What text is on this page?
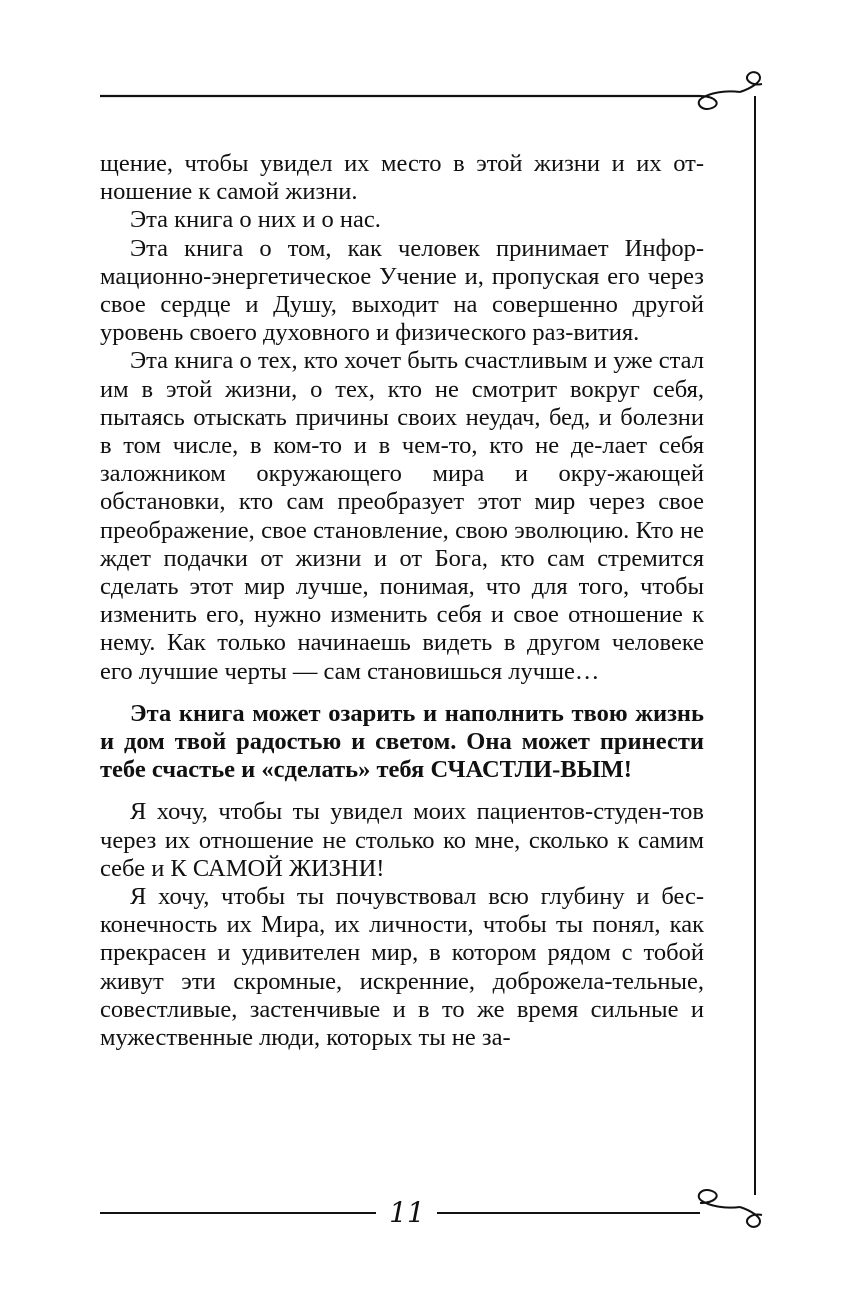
щение, чтобы увидел их место в этой жизни и их от-ношение к самой жизни.

Эта книга о них и о нас.

Эта книга о том, как человек принимает Инфор-мационно-энергетическое Учение и, пропуская его через свое сердце и Душу, выходит на совершенно другой уровень своего духовного и физического раз-вития.

Эта книга о тех, кто хочет быть счастливым и уже стал им в этой жизни, о тех, кто не смотрит вокруг себя, пытаясь отыскать причины своих неудач, бед, и болезни в том числе, в ком-то и в чем-то, кто не де-лает себя заложником окружающего мира и окру-жающей обстановки, кто сам преобразует этот мир через свое преображение, свое становление, свою эволюцию. Кто не ждет подачки от жизни и от Бога, кто сам стремится сделать этот мир лучше, понимая, что для того, чтобы изменить его, нужно изменить себя и свое отношение к нему. Как только начинаешь видеть в другом человеке его лучшие черты — сам становишься лучше…

Эта книга может озарить и наполнить твою жизнь и дом твой радостью и светом. Она может принести тебе счастье и «сделать» тебя СЧАСТЛИ-ВЫМ!

Я хочу, чтобы ты увидел моих пациентов-студен-тов через их отношение не столько ко мне, сколько к самим себе и К САМОЙ ЖИЗНИ!

Я хочу, чтобы ты почувствовал всю глубину и бес-конечность их Мира, их личности, чтобы ты понял, как прекрасен и удивителен мир, в котором рядом с тобой живут эти скромные, искренние, доброжела-тельные, совестливые, застенчивые и в то же время сильные и мужественные люди, которых ты не за-

11
